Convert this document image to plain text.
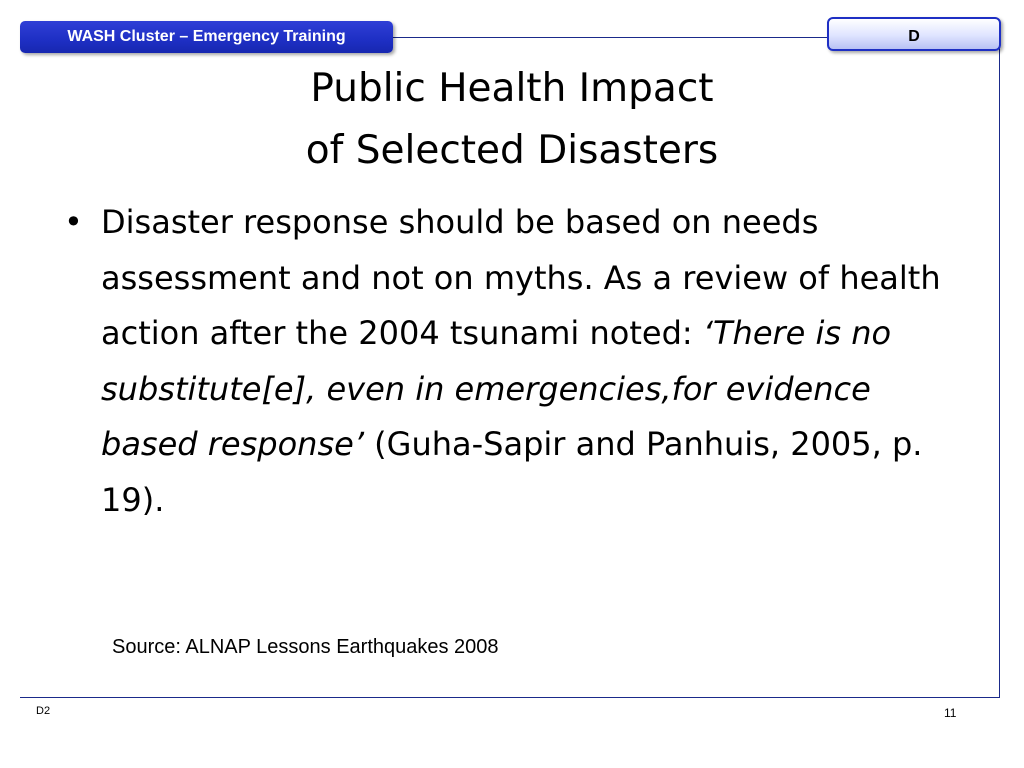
WASH Cluster – Emergency Training	D
Public Health Impact
of Selected Disasters
• Disaster response should be based on needs assessment and not on myths. As a review of health action after the 2004 tsunami noted: ‘There is no substitute[e], even in emergencies,for evidence based response’ (Guha-Sapir and Panhuis, 2005, p. 19).
Source: ALNAP Lessons Earthquakes 2008
D2	11
